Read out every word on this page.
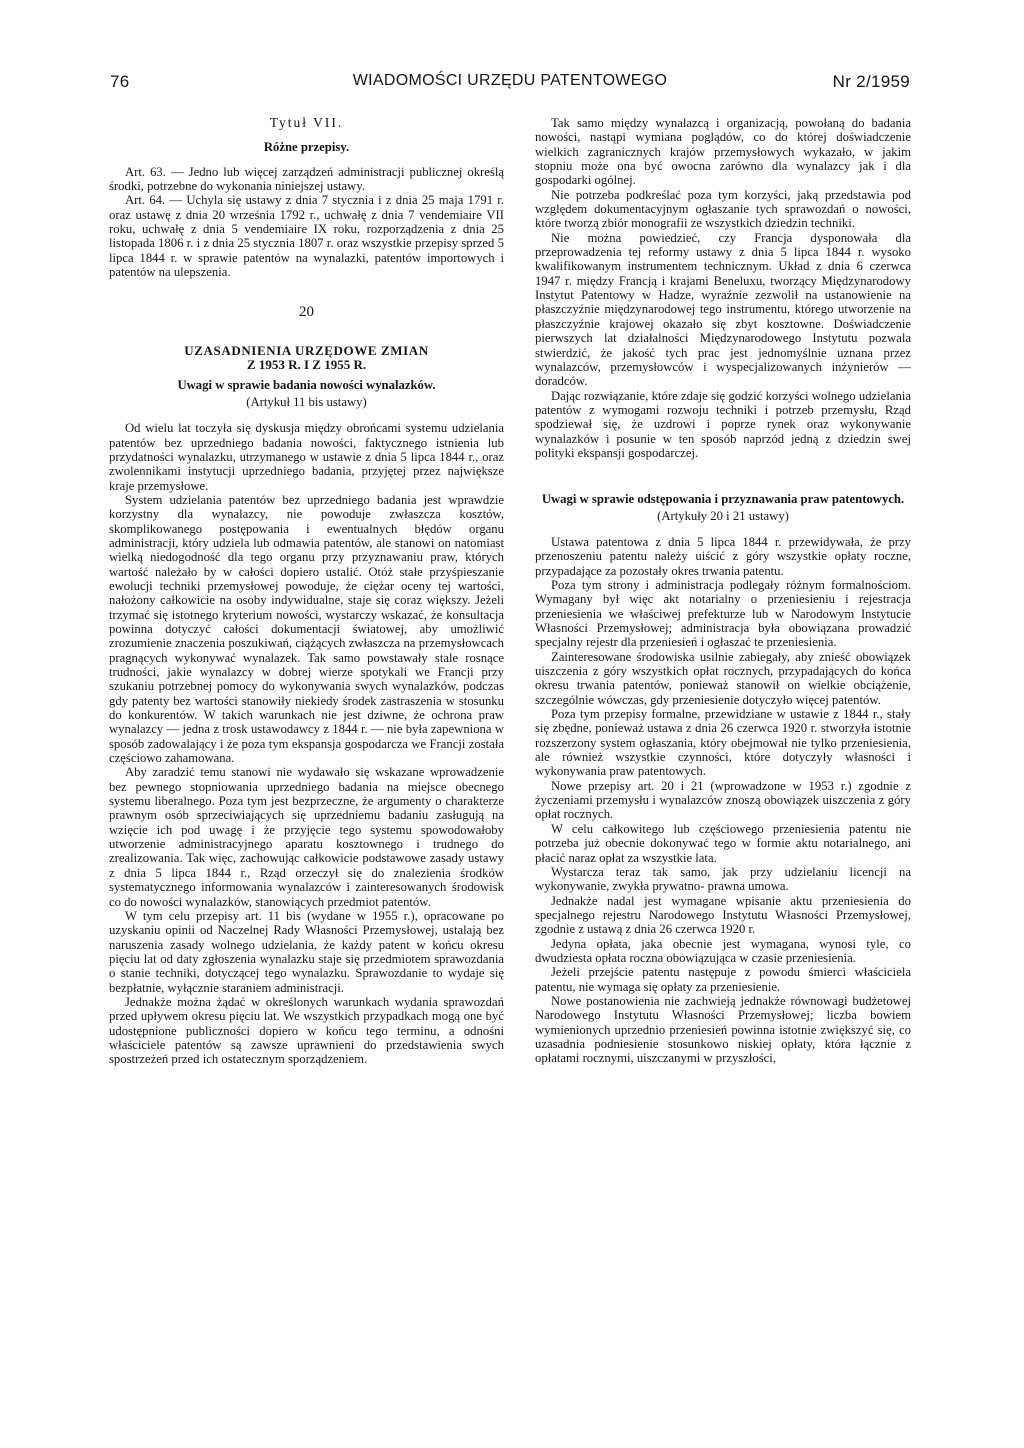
76	WIADOMOŚCI URZĘDU PATENTOWEGO	Nr 2/1959
Tytuł VII.
Różne przepisy.

Art. 63. — Jedno lub więcej zarządzeń administracji publicznej określą środki, potrzebne do wykonania niniejszej ustawy.

Art. 64. — Uchyla się ustawy z dnia 7 stycznia i z dnia 25 maja 1791 r. oraz ustawę z dnia 20 września 1792 r., uchwałę z dnia 7 vendemiaire VII roku, uchwałę z dnia 5 vendemiaire IX roku, rozporządzenia z dnia 25 listopada 1806 r. i z dnia 25 stycznia 1807 r. oraz wszystkie przepisy sprzed 5 lipca 1844 r. w sprawie patentów na wynalazki, patentów importowych i patentów na ulepszenia.

20
UZASADNIENIA URZĘDOWE ZMIAN
Z 1953 R. I Z 1955 R.
Uwagi w sprawie badania nowości wynalazków.
(Artykuł 11 bis ustawy)

Od wielu lat toczyła się dyskusja między obrońcami systemu udzielania patentów bez uprzedniego badania nowości, faktycznego istnienia lub przydatności wynalazku, utrzymanego w ustawie z dnia 5 lipca 1844 r., oraz zwolennikami instytucji uprzedniego badania, przyjętej przez największe kraje przemysłowe.

System udzielania patentów bez uprzedniego badania jest wprawdzie korzystny dla wynalazcy, nie powoduje zwłaszcza kosztów, skomplikowanego postępowania i ewentualnych błędów organu administracji, który udziela lub odmawia patentów, ale stanowi on natomiast wielką niedogodność dla tego organu przy przyznawaniu praw, których wartość należało by w całości dopiero ustalić. Otóż stałe przyśpieszanie ewolucji techniki przemysłowej powoduje, że ciężar oceny tej wartości, nałożony całkowicie na osoby indywidualne, staje się coraz większy. Jeżeli trzymać się istotnego kryterium nowości, wystarczy wskazać, że konsultacja powinna dotyczyć całości dokumentacji światowej, aby umożliwić zrozumienie znaczenia poszukiwań, ciążących zwłaszcza na przemysłowcach pragnących wykonywać wynalazek. Tak samo powstawały stale rosnące trudności, jakie wynalazcy w dobrej wierze spotykali we Francji przy szukaniu potrzebnej pomocy do wykonywania swych wynalazków, podczas gdy patenty bez wartości stanowiły niekiedy środek zastraszenia w stosunku do konkurentów. W takich warunkach nie jest dziwne, że ochrona praw wynalazcy — jedna z trosk ustawodawcy z 1844 r. — nie była zapewniona w sposób zadowalający i że poza tym ekspansja gospodarcza we Francji została częściowo zahamowana.

Aby zaradzić temu stanowi nie wydawało się wskazane wprowadzenie bez pewnego stopniowania uprzedniego badania na miejsce obecnego systemu liberalnego. Poza tym jest bezprzeczne, że argumenty o charakterze prawnym osób sprzeciwiających się uprzedniemu badaniu zasługują na wzięcie ich pod uwagę i że przyjęcie tego systemu spowodowałoby utworzenie administracyjnego aparatu kosztownego i trudnego do zrealizowania. Tak więc, zachowując całkowicie podstawowe zasady ustawy z dnia 5 lipca 1844 r., Rząd orzeczył się do znalezienia środków systematycznego informowania wynalazców i zainteresowanych środowisk co do nowości wynalazków, stanowiących przedmiot patentów.

W tym celu przepisy art. 11 bis (wydane w 1955 r.), opracowane po uzyskaniu opinii od Naczelnej Rady Własności Przemysłowej, ustalają bez naruszenia zasady wolnego udzielania, że każdy patent w końcu okresu pięciu lat od daty zgłoszenia wynalazku staje się przedmiotem sprawozdania o stanie techniki, dotyczącej tego wynalazku. Sprawozdanie to wydaje się bezpłatnie, wyłącznie staraniem administracji.

Jednakże można żądać w określonych warunkach wydania sprawozdań przed upływem okresu pięciu lat. We wszystkich przypadkach mogą one być udostępnione publiczności dopiero w końcu tego terminu, a odnośni właściciele patentów są zawsze uprawnieni do przedstawienia swych spostrzeżeń przed ich ostatecznym sporządzeniem.

Tak samo między wynalazcą i organizacją, powołaną do badania nowości, nastąpi wymiana poglądów, co do której doświadczenie wielkich zagranicznych krajów przemysłowych wykazało, w jakim stopniu może ona być owocna zarówno dla wynalazcy jak i dla gospodarki ogólnej.

Nie potrzeba podkreślać poza tym korzyści, jaką przedstawia pod względem dokumentacyjnym ogłaszanie tych sprawozdań o nowości, które tworzą zbiór monografii ze wszystkich dziedzin techniki.

Nie można powiedzieć, czy Francja dysponowała dla przeprowadzenia tej reformy ustawy z dnia 5 lipca 1844 r. wysoko kwalifikowanym instrumentem technicznym. Układ z dnia 6 czerwca 1947 r. między Francją i krajami Beneluxu, tworzący Międzynarodowy Instytut Patentowy w Hadze, wyraźnie zezwolił na ustanowienie na płaszczyźnie międzynarodowej tego instrumentu, którego utworzenie na płaszczyźnie krajowej okazało się zbyt kosztowne. Doświadczenie pierwszych lat działalności Międzynarodowego Instytutu pozwala stwierdzić, że jakość tych prac jest jednomyślnie uznana przez wynalazców, przemysłowców i wyspecjalizowanych inżynierów — doradców.

Dając rozwiązanie, które zdaje się godzić korzyści wolnego udzielania patentów z wymogami rozwoju techniki i potrzeb przemysłu, Rząd spodziewał się, że uzdrowi i poprze rynek oraz wykonywanie wynalazków i posunie w ten sposób naprzód jedną z dziedzin swej polityki ekspansji gospodarczej.

Uwagi w sprawie odstępowania i przyznawania praw patentowych.
(Artykuły 20 i 21 ustawy)

Ustawa patentowa z dnia 5 lipca 1844 r. przewidywała, że przy przenoszeniu patentu należy uiścić z góry wszystkie opłaty roczne, przypadające za pozostały okres trwania patentu.

Poza tym strony i administracja podlegały różnym formalnościom. Wymagany był więc akt notarialny o przeniesieniu i rejestracja przeniesienia we właściwej prefekturze lub w Narodowym Instytucie Własności Przemysłowej; administracja była obowiązana prowadzić specjalny rejestr dla przeniesień i ogłaszać te przeniesienia.

Zainteresowane środowiska usilnie zabiegały, aby znieść obowiązek uiszczenia z góry wszystkich opłat rocznych, przypadających do końca okresu trwania patentów, ponieważ stanowił on wielkie obciążenie, szczególnie wówczas, gdy przeniesienie dotyczyło więcej patentów.

Poza tym przepisy formalne, przewidziane w ustawie z 1844 r., stały się zbędne, ponieważ ustawa z dnia 26 czerwca 1920 r. stworzyła istotnie rozszerzony system ogłaszania, który obejmował nie tylko przeniesienia, ale również wszystkie czynności, które dotyczyły własności i wykonywania praw patentowych.

Nowe przepisy art. 20 i 21 (wprowadzone w 1953 r.) zgodnie z życzeniami przemysłu i wynalazców znoszą obowiązek uiszczenia z góry opłat rocznych.

W celu całkowitego lub częściowego przeniesienia patentu nie potrzeba już obecnie dokonywać tego w formie aktu notarialnego, ani płacić naraz opłat za wszystkie lata.

Wystarcza teraz tak samo, jak przy udzielaniu licencji na wykonywanie, zwykła prywatno- prawna umowa.

Jednakże nadal jest wymagane wpisanie aktu przeniesienia do specjalnego rejestru Narodowego Instytutu Własności Przemysłowej, zgodnie z ustawą z dnia 26 czerwca 1920 r.

Jedyna opłata, jaka obecnie jest wymagana, wynosi tyle, co dwudziesta opłata roczna obowiązująca w czasie przeniesienia.

Jeżeli przejście patentu następuje z powodu śmierci właściciela patentu, nie wymaga się opłaty za przeniesienie.

Nowe postanowienia nie zachwieją jednakże równowagi budżetowej Narodowego Instytutu Własności Przemysłowej; liczba bowiem wymienionych uprzednio przeniesień powinna istotnie zwiększyć się, co uzasadnia podniesienie stosunkowo niskiej opłaty, która łącznie z opłatami rocznymi, uiszczanymi w przyszłości,
